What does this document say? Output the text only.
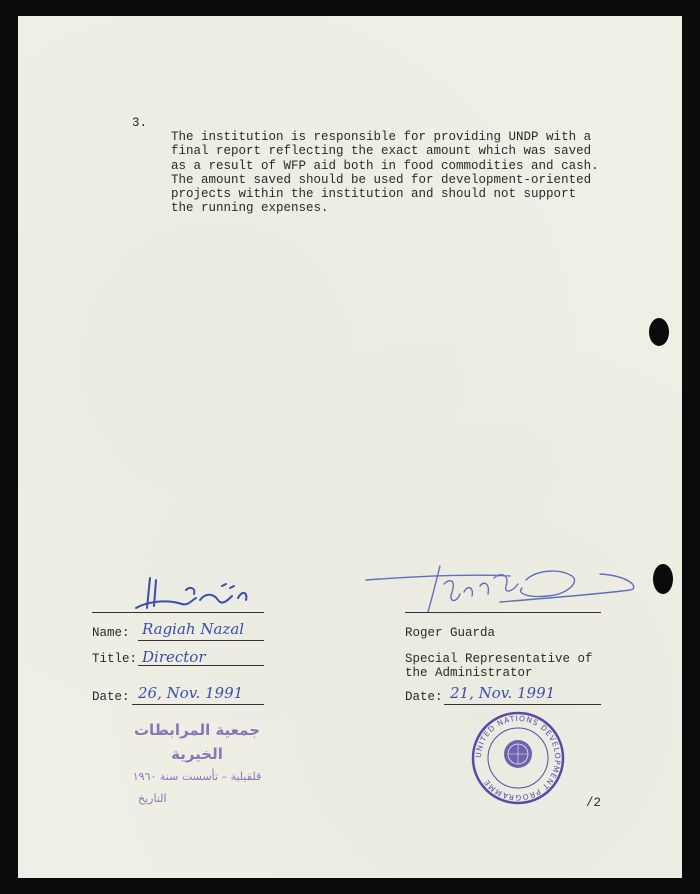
3.

The institution is responsible for providing UNDP with a
final report reflecting the exact amount which was saved
as a result of WFP aid both in food commodities and cash.
The amount saved should be used for development-oriented
projects within the institution and should not support
the running expenses.

Name: Ragiah Nazal
Title: Director
Date: 26, Nov. 1991
جمعية المرابطات الخيرية
قلقيلية – تأسست سنة ١٩٦٠
التاريخ
Roger Guarda
Special Representative of
the Administrator
Date: 21, Nov. 1991
UNITED NATIONS DEVELOPMENT PROGRAMME
/2
